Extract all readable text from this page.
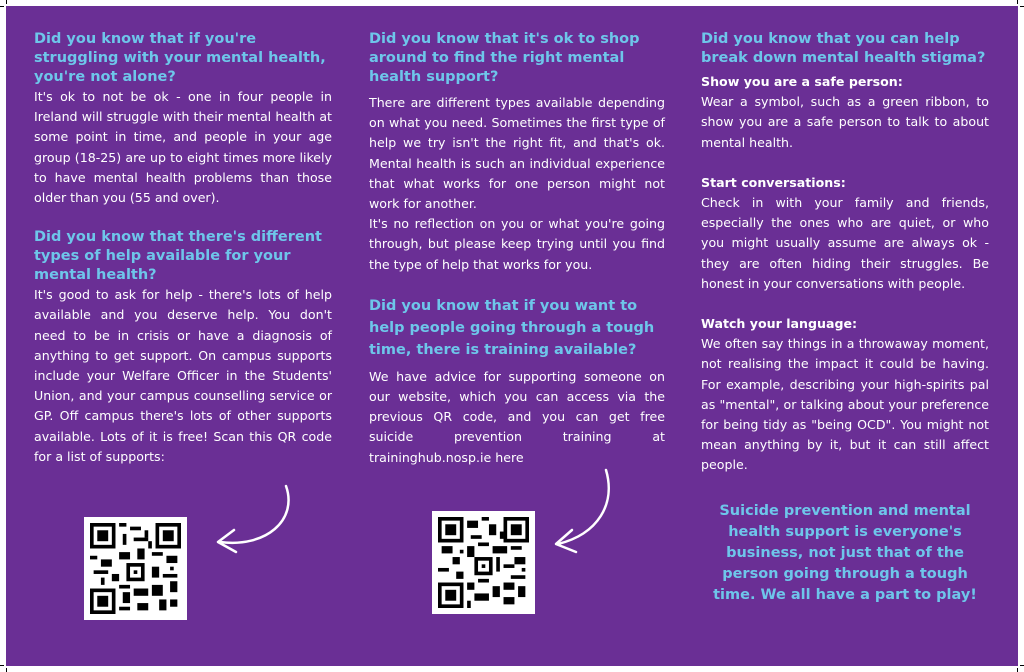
Did you know that if you're struggling with your mental health, you're not alone?

It's ok to not be ok - one in four people in Ireland will struggle with their mental health at some point in time, and people in your age group (18-25) are up to eight times more likely to have mental health problems than those older than you (55 and over).

Did you know that there's different types of help available for your mental health?

It's good to ask for help - there's lots of help available and you deserve help. You don't need to be in crisis or have a diagnosis of anything to get support. On campus supports include your Welfare Officer in the Students' Union, and your campus counselling service or GP. Off campus there's lots of other supports available. Lots of it is free! Scan this QR code for a list of supports:

Did you know that it's ok to shop around to find the right mental health support?

There are different types available depending on what you need. Sometimes the first type of help we try isn't the right fit, and that's ok. Mental health is such an individual experience that what works for one person might not work for another.

It's no reflection on you or what you're going through, but please keep trying until you find the type of help that works for you.

Did you know that if you want to help people going through a tough time, there is training available?

We have advice for supporting someone on our website, which you can access via the previous QR code, and you can get free suicide prevention training at traininghub.nosp.ie here

Did you know that you can help break down mental health stigma?

Show you are a safe person:

Wear a symbol, such as a green ribbon, to show you are a safe person to talk to about mental health.

Start conversations:

Check in with your family and friends, especially the ones who are quiet, or who you might usually assume are always ok - they are often hiding their struggles. Be honest in your conversations with people.

Watch your language:

We often say things in a throwaway moment, not realising the impact it could be having. For example, describing your high-spirits pal as "mental", or talking about your preference for being tidy as "being OCD". You might not mean anything by it, but it can still affect people.

Suicide prevention and mental health support is everyone's business, not just that of the person going through a tough time. We all have a part to play!
